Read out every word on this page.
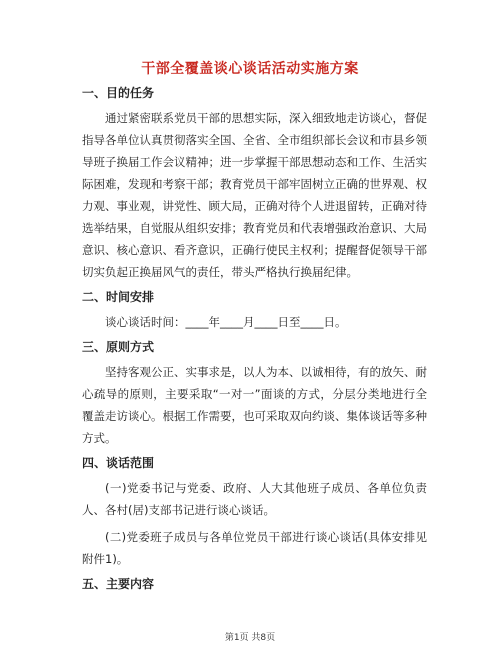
干部全覆盖谈心谈话活动实施方案
一、目的任务
通过紧密联系党员干部的思想实际，深入细致地走访谈心，督促指导各单位认真贯彻落实全国、全省、全市组织部长会议和市县乡领导班子换届工作会议精神；进一步掌握干部思想动态和工作、生活实际困难，发现和考察干部；教育党员干部牢固树立正确的世界观、权力观、事业观，讲党性、顾大局，正确对待个人进退留转，正确对待选举结果，自觉服从组织安排；教育党员和代表增强政治意识、大局意识、核心意识、看齐意识，正确行使民主权利；提醒督促领导干部切实负起正换届风气的责任，带头严格执行换届纪律。
二、时间安排
谈心谈话时间：____年____月____日至____日。
三、原则方式
坚持客观公正、实事求是，以人为本、以诚相待，有的放矢、耐心疏导的原则，主要采取“一对一”面谈的方式，分层分类地进行全覆盖走访谈心。根据工作需要，也可采取双向约谈、集体谈话等多种方式。
四、谈话范围
(一)党委书记与党委、政府、人大其他班子成员、各单位负责人、各村(居)支部书记进行谈心谈话。
(二)党委班子成员与各单位党员干部进行谈心谈话(具体安排见附件1)。
五、主要内容
第1页 共8页
